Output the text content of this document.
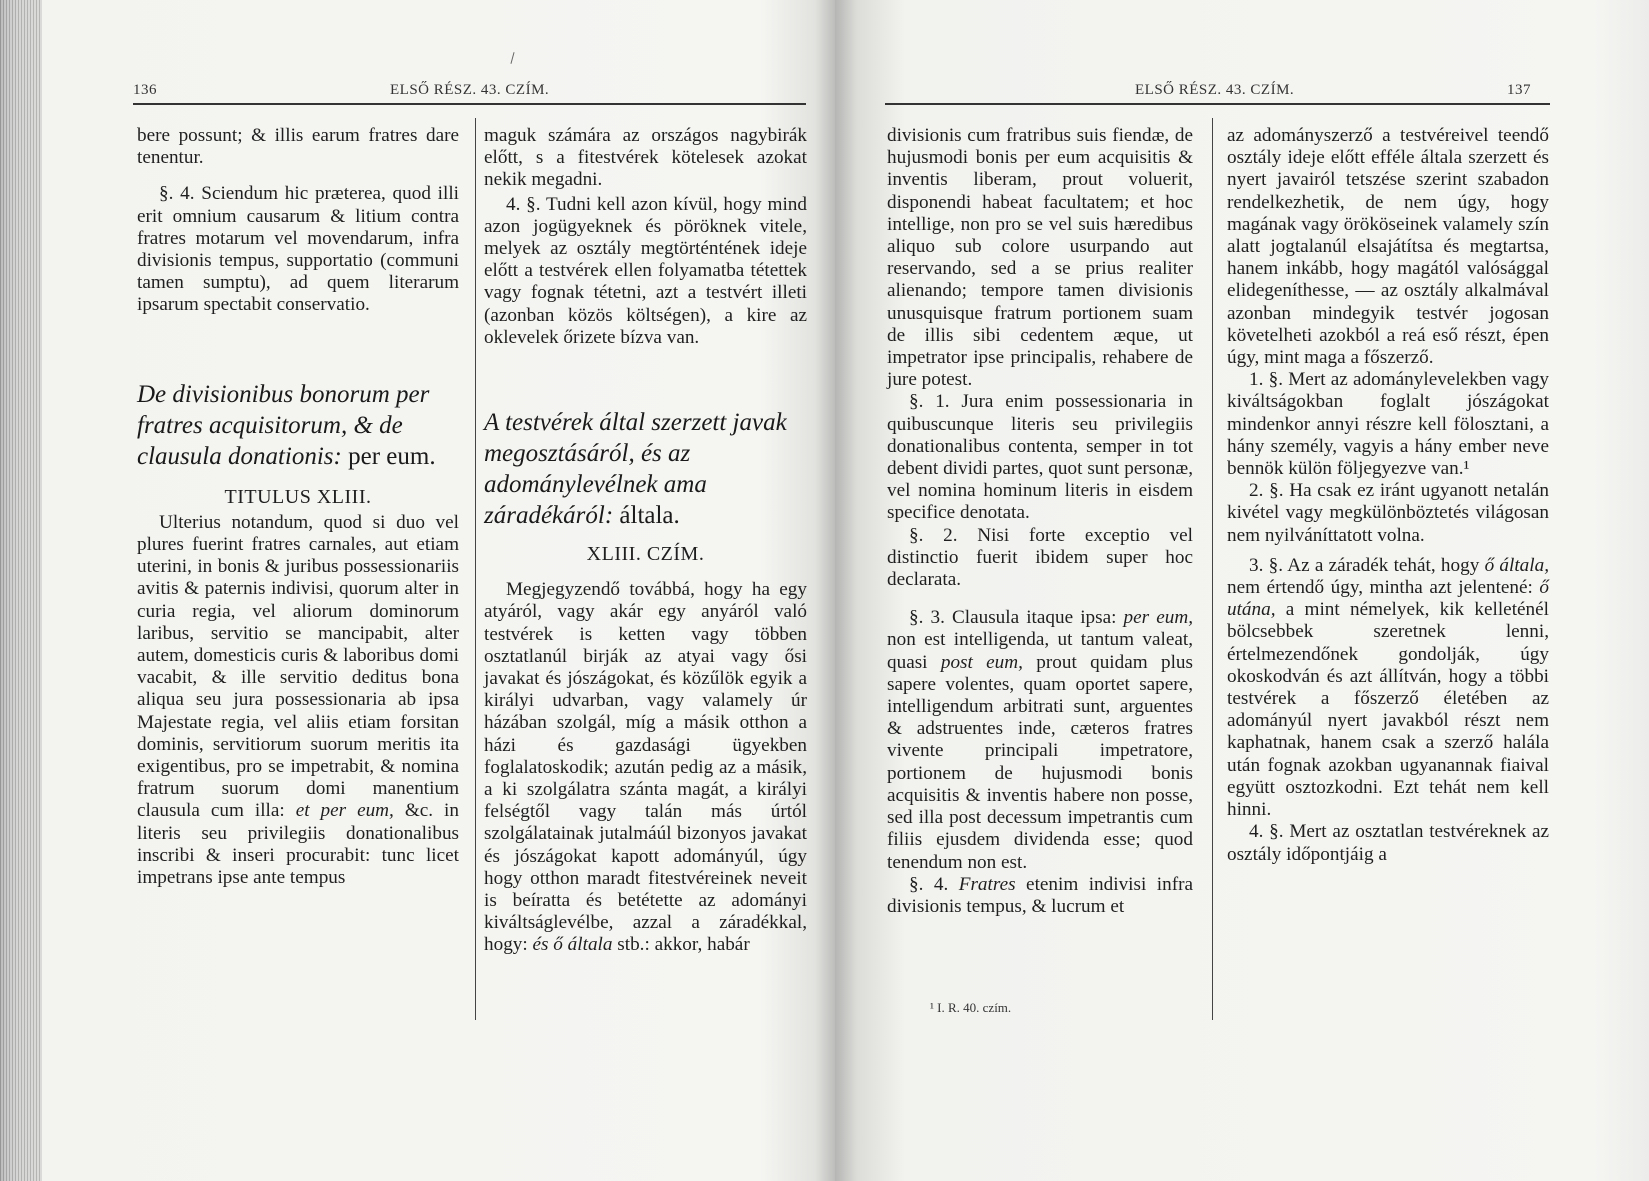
136	ELSŐ RÉSZ. 43. CZÍM.

bere possunt; & illis earum fratres dare tenentur.

§. 4. Sciendum hic præterea, quod illi erit omnium causarum & litium contra fratres motarum vel movendarum, infra divisionis tempus, supportatio (communi tamen sumptu), ad quem literarum ipsarum spectabit conservatio.

De divisionibus bonorum per fratres acquisitorum, & de clausula donationis: per eum.
TITULUS XLIII.

Ulterius notandum, quod si duo vel plures fuerint fratres carnales, aut etiam uterini, in bonis & juribus possessionariis avitis & paternis indivisi, quorum alter in curia regia, vel aliorum dominorum laribus, servitio se mancipabit, alter autem, domesticis curis & laboribus domi vacabit, & ille servitio deditus bona aliqua seu jura possessionaria ab ipsa Majestate regia, vel aliis etiam forsitan dominis, servitiorum suorum meritis ita exigentibus, pro se impetrabit, & nomina fratrum suorum domi manentium clausula cum illa: et per eum, &c. in literis seu privilegiis donationalibus inscribi & inseri procurabit: tunc licet impetrans ipse ante tempus

maguk számára az országos nagybirák előtt, s a fitestvérek kötelesek azokat nekik megadni.

4. §. Tudni kell azon kívül, hogy mind azon jogügyeknek és pöröknek vitele, melyek az osztály megtörténtének ideje előtt a testvérek ellen folyamatba tétettek vagy fognak tétetni, azt a testvért illeti (azonban közös költségen), a kire az oklevelek őrizete bízva van.

A testvérek által szerzett javak megosztásáról, és az adománylevélnek ama záradékáról: általa.
XLIII. CZÍM.

Megjegyzendő továbbá, hogy ha egy atyáról, vagy akár egy anyáról való testvérek is ketten vagy többen osztatlanúl birják az atyai vagy ősi javakat és jószágokat, és közűlök egyik a királyi udvarban, vagy valamely úr házában szolgál, míg a másik otthon a házi és gazdasági ügyekben foglalatoskodik; azután pedig az a másik, a ki szolgálatra szánta magát, a királyi felségtől vagy talán más úrtól szolgálatainak jutalmáúl bizonyos javakat és jószágokat kapott adományúl, úgy hogy otthon maradt fitestvéreinek neveit is beíratta és betétette az adományi kiváltságlevélbe, azzal a záradékkal, hogy: és ő általa stb.: akkor, habár

ELSŐ RÉSZ. 43. CZÍM.	137

divisionis cum fratribus suis fiendæ, de hujusmodi bonis per eum acquisitis & inventis liberam, prout voluerit, disponendi habeat facultatem; et hoc intellige, non pro se vel suis hæredibus aliquo sub colore usurpando aut reservando, sed a se prius realiter alienando; tempore tamen divisionis unusquisque fratrum portionem suam de illis sibi cedentem æque, ut impetrator ipse principalis, rehabere de jure potest.

§. 1. Jura enim possessionaria in quibuscunque literis seu privilegiis donationalibus contenta, semper in tot debent dividi partes, quot sunt personæ, vel nomina hominum literis in eisdem specifice denotata.

§. 2. Nisi forte exceptio vel distinctio fuerit ibidem super hoc declarata.

§. 3. Clausula itaque ipsa: per eum, non est intelligenda, ut tantum valeat, quasi post eum, prout quidam plus sapere volentes, quam oportet sapere, intelligendum arbitrati sunt, arguentes & adstruentes inde, cæteros fratres vivente principali impetratore, portionem de hujusmodi bonis acquisitis & inventis habere non posse, sed illa post decessum impetrantis cum filiis ejusdem dividenda esse; quod tenendum non est.

§. 4. Fratres etenim indivisi infra divisionis tempus, & lucrum et

¹ I. R. 40. czím.

az adományszerző a testvéreivel teendő osztály ideje előtt efféle általa szerzett és nyert javairól tetszése szerint szabadon rendelkezhetik, de nem úgy, hogy magának vagy örököseinek valamely szín alatt jogtalanúl elsajátítsa és megtartsa, hanem inkább, hogy magától valósággal elidegeníthesse, — az osztály alkalmával azonban mindegyik testvér jogosan követelheti azokból a reá eső részt, épen úgy, mint maga a főszerző.

1. §. Mert az adománylevelekben vagy kiváltságokban foglalt jószágokat mindenkor annyi részre kell fölosztani, a hány személy, vagyis a hány ember neve bennök külön följegyezve van.¹

2. §. Ha csak ez iránt ugyanott netalán kivétel vagy megkülönböztetés világosan nem nyilváníttatott volna.

3. §. Az a záradék tehát, hogy ő általa, nem értendő úgy, mintha azt jelentené: ő utána, a mint némelyek, kik kelleténél bölcsebbek szeretnek lenni, értelmezendőnek gondolják, úgy okoskodván és azt állítván, hogy a többi testvérek a főszerző életében az adományúl nyert javakból részt nem kaphatnak, hanem csak a szerző halála után fognak azokban ugyanannak fiaival együtt osztozkodni. Ezt tehát nem kell hinni.

4. §. Mert az osztatlan testvéreknek az osztály időpontjáig a
